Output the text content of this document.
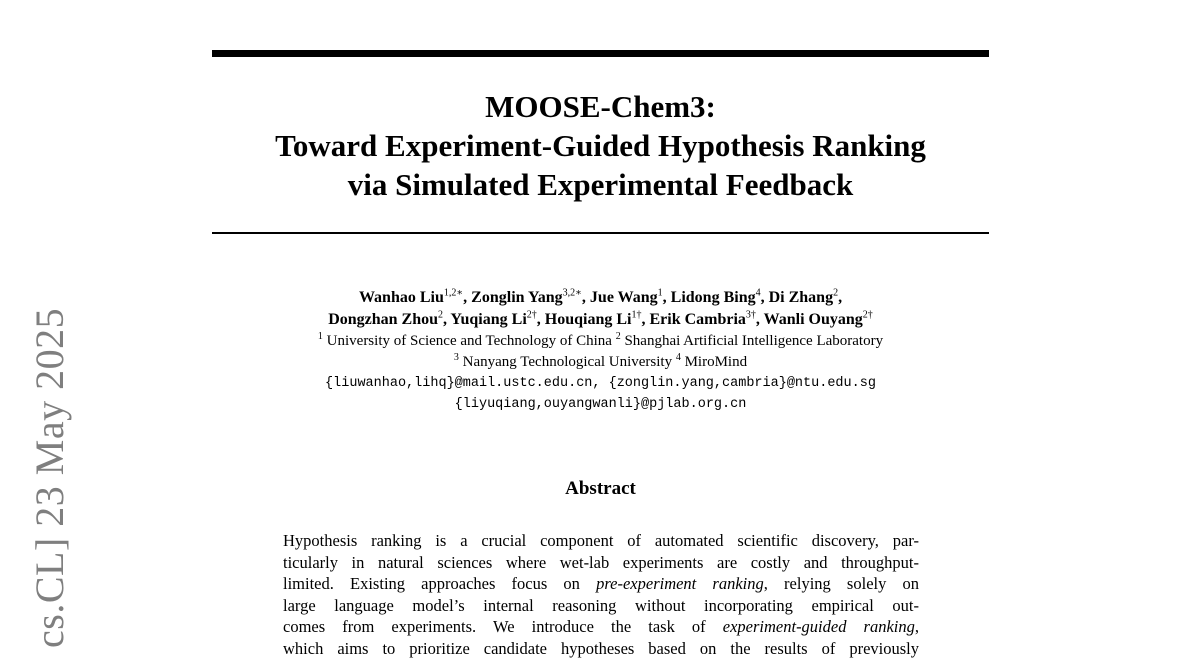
cs.CL] 23 May 2025
MOOSE-Chem3:
Toward Experiment-Guided Hypothesis Ranking
via Simulated Experimental Feedback
Wanhao Liu$^{1,2∗}$, Zonglin Yang$^{3,2∗}$, Jue Wang$^1$, Lidong Bing$^4$, Di Zhang$^2$,
Dongzhan Zhou$^2$, Yuqiang $Li^{2\dagger}$, Houqiang $Li^{1\dagger}$, Erik Cambria$^{3\dagger}$, Wanli Ouyang$^{2\dagger}$
$^1$ University of Science and Technology of China $^2$ Shanghai Artificial Intelligence Laboratory
$^3$ Nanyang Technological University $^4$ MiroMind
{liuwanhao,lihq}@mail.ustc.edu.cn, {zonglin.yang,cambria}@ntu.edu.sg
{liyuqiang,ouyangwanli}@pjlab.org.cn
Abstract
Hypothesis ranking is a crucial component of automated scientific discovery, par-
ticularly in natural sciences where wet-lab experiments are costly and throughput-
limited. Existing approaches focus on pre-experiment ranking, relying solely on
large language model’s internal reasoning without incorporating empirical out-
comes from experiments. We introduce the task of experiment-guided ranking,
which aims to prioritize candidate hypotheses based on the results of previously
